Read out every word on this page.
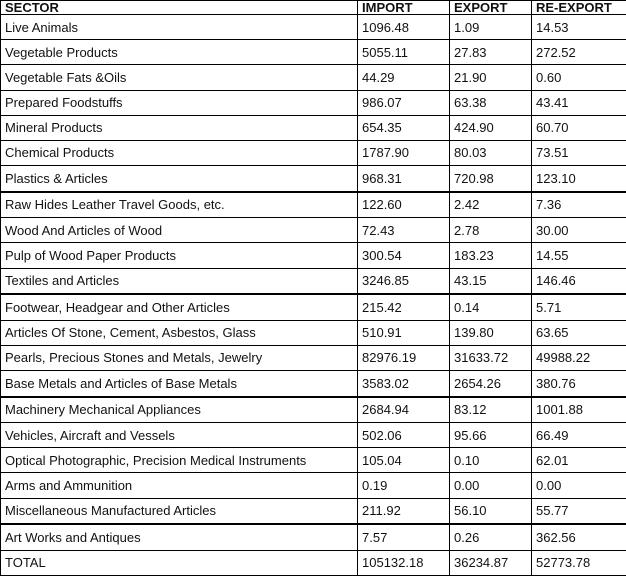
SECTOR	IMPORT	EXPORT	RE-EXPORT
Live Animals	1096.48	1.09	14.53
Vegetable Products	5055.11	27.83	272.52
Vegetable Fats &Oils	44.29	21.90	0.60
Prepared Foodstuffs	986.07	63.38	43.41
Mineral Products	654.35	424.90	60.70
Chemical Products	1787.90	80.03	73.51
Plastics & Articles	968.31	720.98	123.10
Raw Hides Leather Travel Goods, etc.	122.60	2.42	7.36
Wood And Articles of Wood	72.43	2.78	30.00
Pulp of Wood Paper Products	300.54	183.23	14.55
Textiles and Articles	3246.85	43.15	146.46
Footwear, Headgear and Other Articles	215.42	0.14	5.71
Articles Of Stone, Cement, Asbestos, Glass	510.91	139.80	63.65
Pearls, Precious Stones and Metals, Jewelry	82976.19	31633.72	49988.22
Base Metals and Articles of Base Metals	3583.02	2654.26	380.76
Machinery Mechanical Appliances	2684.94	83.12	1001.88
Vehicles, Aircraft and Vessels	502.06	95.66	66.49
Optical Photographic, Precision Medical Instruments	105.04	0.10	62.01
Arms and Ammunition	0.19	0.00	0.00
Miscellaneous Manufactured Articles	211.92	56.10	55.77
Art Works and Antiques	7.57	0.26	362.56
TOTAL	105132.18	36234.87	52773.78
